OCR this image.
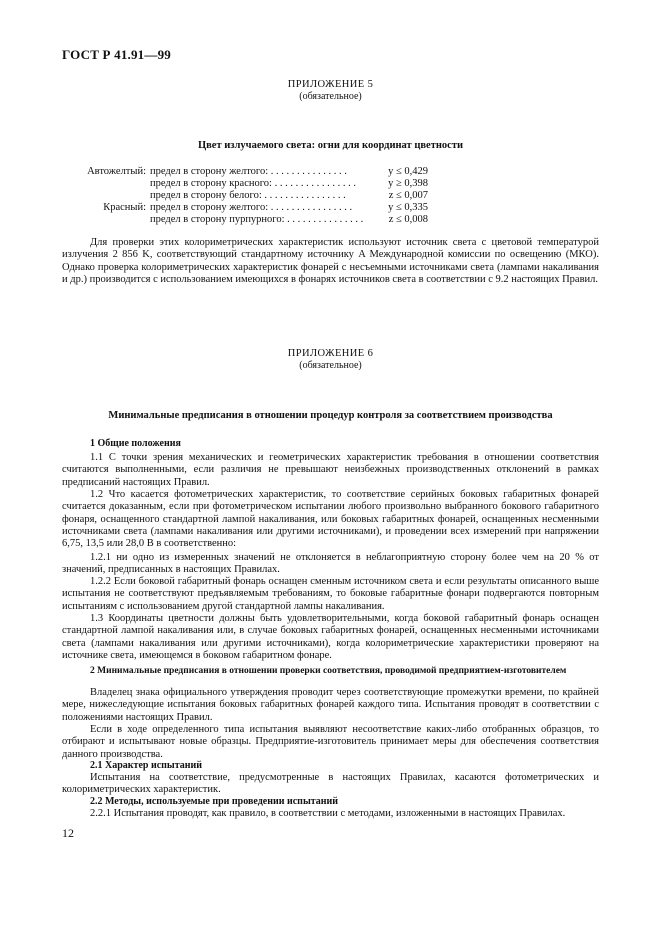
ГОСТ Р 41.91—99
ПРИЛОЖЕНИЕ 5
(обязательное)
Цвет излучаемого света: огни для координат цветности
Автожелтый: предел в сторону желтого: . . . . . . . . . . . . . . .	y ≤ 0,429
предел в сторону красного: . . . . . . . . . . . . . . . .	y ≥ 0,398
предел в сторону белого: . . . . . . . . . . . . . . . .	z ≤ 0,007
Красный: предел в сторону желтого: . . . . . . . . . . . . . . . .	y ≤ 0,335
предел в сторону пурпурного: . . . . . . . . . . . . . . . z ≤ 0,008

Для проверки этих колориметрических характеристик используют источник света с цветовой температурой излучения 2 856 K, соответствующий стандартному источнику A Международной комиссии по освещению (МКО). Однако проверка колориметрических характеристик фонарей с несъемными источниками света (лампами накаливания и др.) производится с использованием имеющихся в фонарях источников света в соответствии с 9.2 настоящих Правил.

ПРИЛОЖЕНИЕ 6
(обязательное)
Минимальные предписания в отношении процедур контроля за соответствием производства
1 Общие положения

1.1 С точки зрения механических и геометрических характеристик требования в отношении соответствия считаются выполненными, если различия не превышают неизбежных производственных отклонений в рамках предписаний настоящих Правил.

1.2 Что касается фотометрических характеристик, то соответствие серийных боковых габаритных фонарей считается доказанным, если при фотометрическом испытании любого произвольно выбранного бокового габаритного фонаря, оснащенного стандартной лампой накаливания, или боковых габаритных фонарей, оснащенных несменными источниками света (лампами накаливания или другими источниками), и проведении всех измерений при напряжении 6,75, 13,5 или 28,0 В в соответственно:

1.2.1 ни одно из измеренных значений не отклоняется в неблагоприятную сторону более чем на 20 % от значений, предписанных в настоящих Правилах.

1.2.2 Если боковой габаритный фонарь оснащен сменным источником света и если результаты описанного выше испытания не соответствуют предъявляемым требованиям, то боковые габаритные фонари подвергаются повторным испытаниям с использованием другой стандартной лампы накаливания.

1.3 Координаты цветности должны быть удовлетворительными, когда боковой габаритный фонарь оснащен стандартной лампой накаливания или, в случае боковых габаритных фонарей, оснащенных несменными источниками света (лампами накаливания или другими источниками), когда колориметрические характеристики проверяют на источнике света, имеющемся в боковом габаритном фонаре.

2 Минимальные предписания в отношении проверки соответствия, проводимой предприятием-изготовителем

Владелец знака официального утверждения проводит через соответствующие промежутки времени, по крайней мере, нижеследующие испытания боковых габаритных фонарей каждого типа. Испытания проводят в соответствии с положениями настоящих Правил.

Если в ходе определенного типа испытания выявляют несоответствие каких-либо отобранных образцов, то отбирают и испытывают новые образцы. Предприятие-изготовитель принимает меры для обеспечения соответствия данного производства.

2.1 Характер испытаний

Испытания на соответствие, предусмотренные в настоящих Правилах, касаются фотометрических и колориметрических характеристик.

2.2 Методы, используемые при проведении испытаний

2.2.1 Испытания проводят, как правило, в соответствии с методами, изложенными в настоящих Правилах.

12
